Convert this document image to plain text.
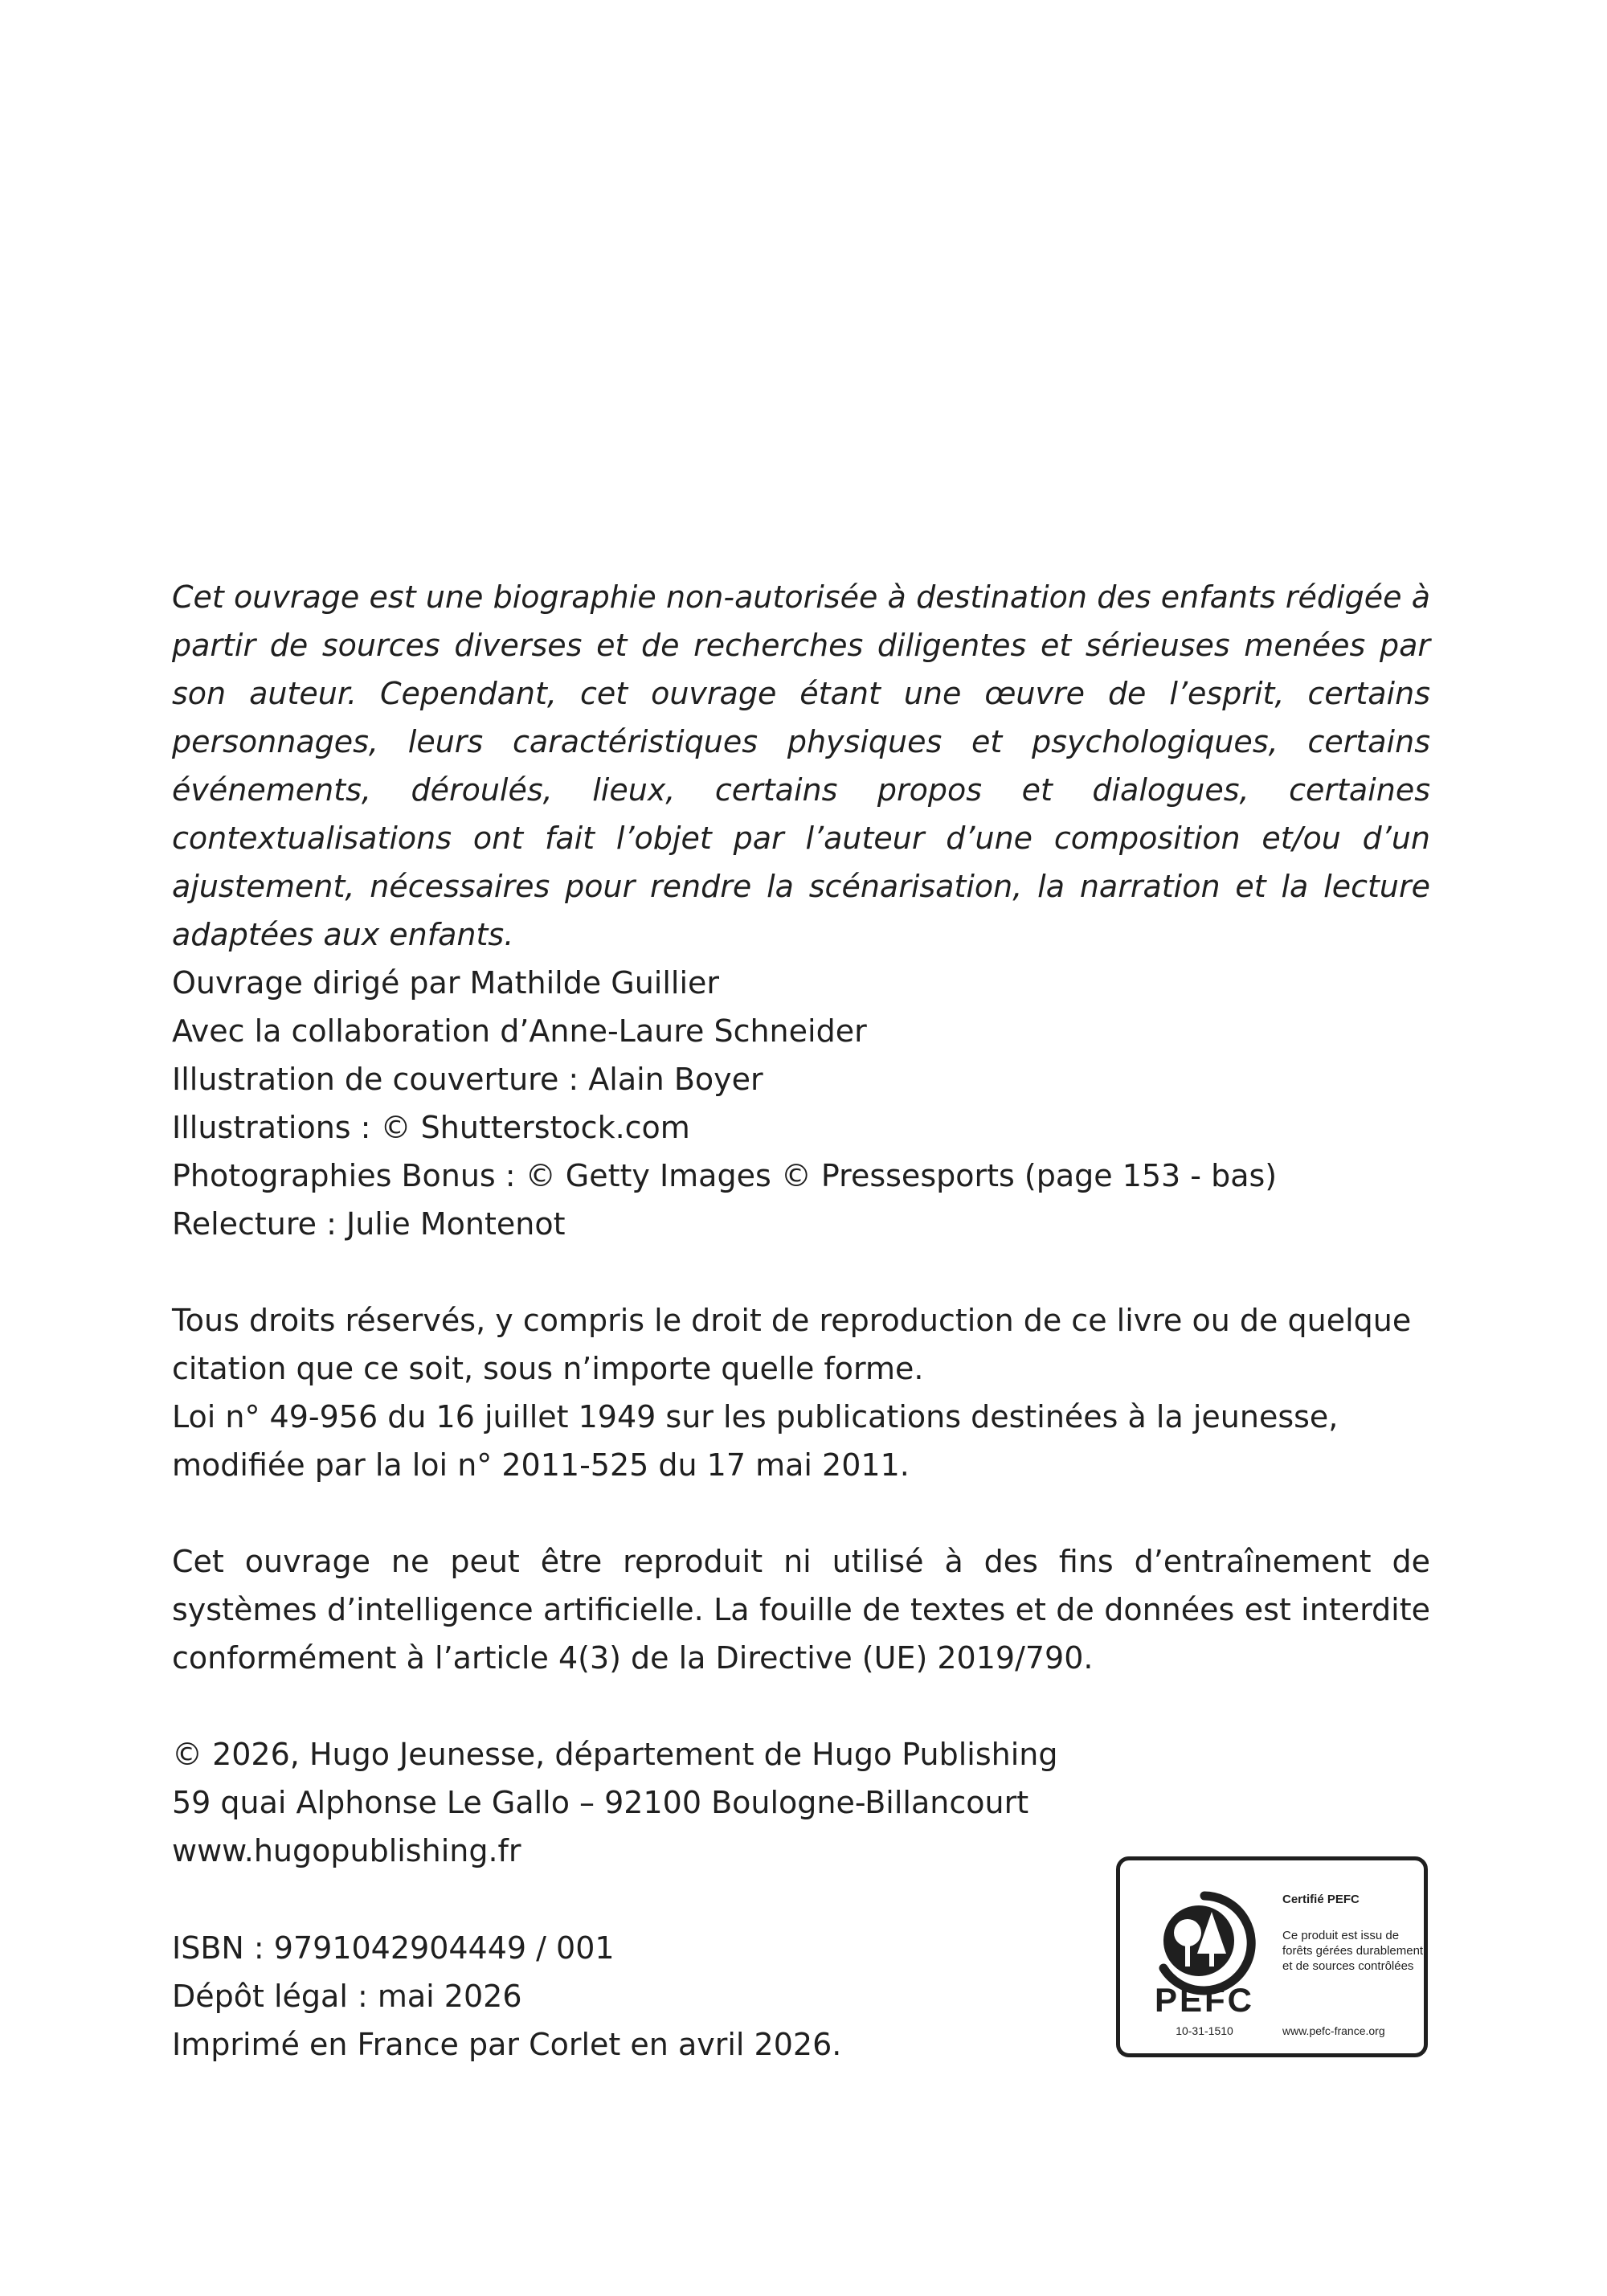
Cet ouvrage est une biographie non-autorisée à destination des enfants rédigée à partir de sources diverses et de recherches diligentes et sérieuses menées par son auteur. Cependant, cet ouvrage étant une œuvre de l’esprit, certains personnages, leurs caractéristiques physiques et psychologiques, certains événements, déroulés, lieux, certains propos et dialogues, certaines contextualisations ont fait l’objet par l’auteur d’une composition et/ou d’un ajustement, nécessaires pour rendre la scénarisation, la narration et la lecture adaptées aux enfants.

Ouvrage dirigé par Mathilde Guillier
Avec la collaboration d’Anne-Laure Schneider
Illustration de couverture : Alain Boyer
Illustrations : © Shutterstock.com
Photographies Bonus : © Getty Images © Pressesports (page 153 - bas)
Relecture : Julie Montenot
Tous droits réservés, y compris le droit de reproduction de ce livre ou de quelque citation que ce soit, sous n’importe quelle forme.
Loi n° 49-956 du 16 juillet 1949 sur les publications destinées à la jeunesse, modifiée par la loi n° 2011-525 du 17 mai 2011.

Cet ouvrage ne peut être reproduit ni utilisé à des fins d’entraînement de systèmes d’intelligence artificielle. La fouille de textes et de données est interdite conformément à l’article 4(3) de la Directive (UE) 2019/790.

© 2026, Hugo Jeunesse, département de Hugo Publishing
59 quai Alphonse Le Gallo – 92100 Boulogne-Billancourt
www.hugopublishing.fr
ISBN : 9791042904449 / 001
Dépôt légal : mai 2026
Imprimé en France par Corlet en avril 2026.
PEFC
10-31-1510
Certifié PEFC
Ce produit est issu de forêts gérées durablement et de sources contrôlées
www.pefc-france.org
